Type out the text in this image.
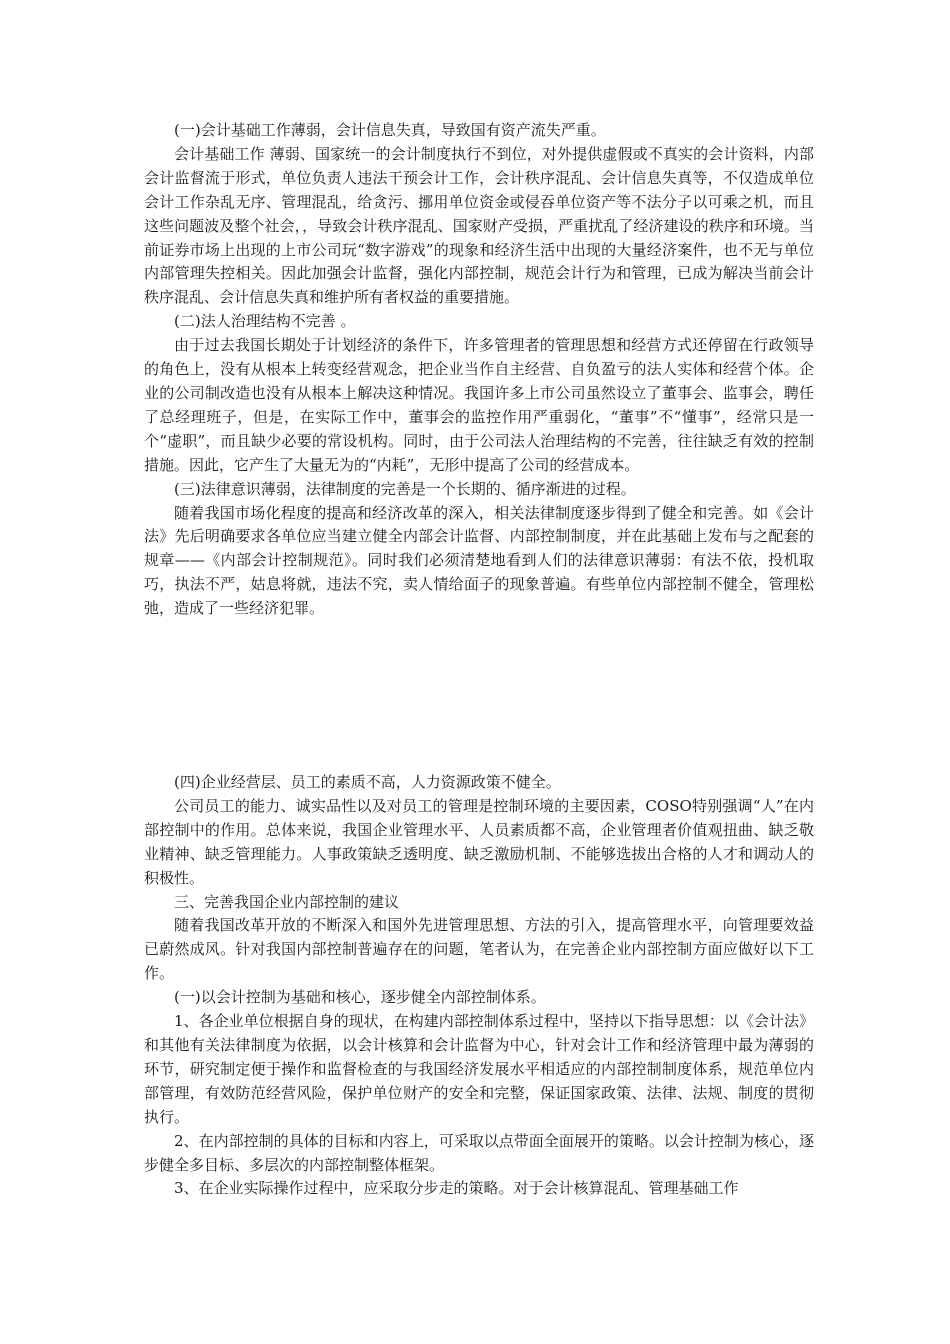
(一)会计基础工作薄弱，会计信息失真，导致国有资产流失严重。

会计基础工作 薄弱、国家统一的会计制度执行不到位，对外提供虚假或不真实的会计资料，内部会计监督流于形式，单位负责人违法干预会计工作，会计秩序混乱、会计信息失真等，不仅造成单位会计工作杂乱无序、管理混乱，给贪污、挪用单位资金或侵吞单位资产等不法分子以可乘之机，而且这些问题波及整个社会，，导致会计秩序混乱、国家财产受损，严重扰乱了经济建设的秩序和环境。当前证券市场上出现的上市公司玩“数字游戏”的现象和经济生活中出现的大量经济案件，也不无与单位内部管理失控相关。因此加强会计监督，强化内部控制，规范会计行为和管理，已成为解决当前会计秩序混乱、会计信息失真和维护所有者权益的重要措施。

(二)法人治理结构不完善 。

由于过去我国长期处于计划经济的条件下，许多管理者的管理思想和经营方式还停留在行政领导的角色上，没有从根本上转变经营观念，把企业当作自主经营、自负盈亏的法人实体和经营个体。企业的公司制改造也没有从根本上解决这种情况。我国许多上市公司虽然设立了董事会、监事会，聘任了总经理班子，但是，在实际工作中，董事会的监控作用严重弱化，“董事”不“懂事”，经常只是一个“虚职”，而且缺少必要的常设机构。同时，由于公司法人治理结构的不完善，往往缺乏有效的控制措施。因此，它产生了大量无为的“内耗”，无形中提高了公司的经营成本。

(三)法律意识薄弱，法律制度的完善是一个长期的、循序渐进的过程。

随着我国市场化程度的提高和经济改革的深入，相关法律制度逐步得到了健全和完善。如《会计法》先后明确要求各单位应当建立健全内部会计监督、内部控制制度，并在此基础上发布与之配套的规章——《内部会计控制规范》。同时我们必须清楚地看到人们的法律意识薄弱：有法不依，投机取巧，执法不严，姑息将就，违法不究，卖人情给面子的现象普遍。有些单位内部控制不健全，管理松弛，造成了一些经济犯罪。

(四)企业经营层、员工的素质不高，人力资源政策不健全。

公司员工的能力、诚实品性以及对员工的管理是控制环境的主要因素，COSO特别强调“人”在内部控制中的作用。总体来说，我国企业管理水平、人员素质都不高，企业管理者价值观扭曲、缺乏敬业精神、缺乏管理能力。人事政策缺乏透明度、缺乏激励机制、不能够选拔出合格的人才和调动人的积极性。

三、完善我国企业内部控制的建议

随着我国改革开放的不断深入和国外先进管理思想、方法的引入，提高管理水平，向管理要效益已蔚然成风。针对我国内部控制普遍存在的问题，笔者认为，在完善企业内部控制方面应做好以下工作。

(一)以会计控制为基础和核心，逐步健全内部控制体系。

1、各企业单位根据自身的现状，在构建内部控制体系过程中，坚持以下指导思想：以《会计法》和其他有关法律制度为依据，以会计核算和会计监督为中心，针对会计工作和经济管理中最为薄弱的环节，研究制定便于操作和监督检查的与我国经济发展水平相适应的内部控制制度体系，规范单位内部管理，有效防范经营风险，保护单位财产的安全和完整，保证国家政策、法律、法规、制度的贯彻执行。

2、在内部控制的具体的目标和内容上，可采取以点带面全面展开的策略。以会计控制为核心，逐步健全多目标、多层次的内部控制整体框架。

3、在企业实际操作过程中，应采取分步走的策略。对于会计核算混乱、管理基础工作
